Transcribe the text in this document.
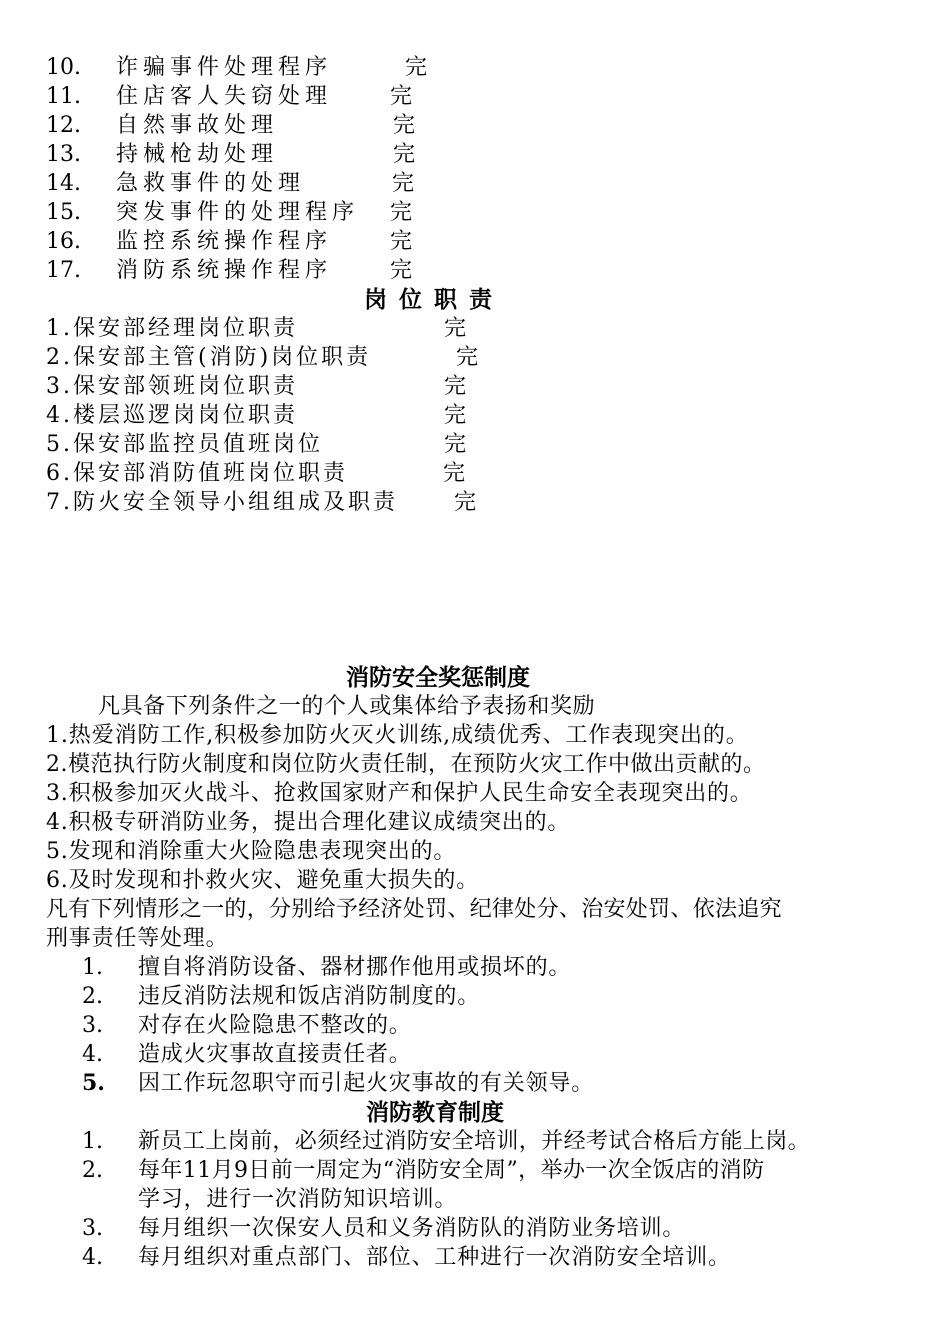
10. 诈骗事件处理程序	完
11. 住店客人失窃处理	完
12. 自然事故处理	完
13. 持械枪劫处理	完
14. 急救事件的处理	完
15. 突发事件的处理程序 完
16. 监控系统操作程序	完
17. 消防系统操作程序	完
岗 位 职 责
1.保安部经理岗位职责	完
2.保安部主管(消防)岗位职责	完
3.保安部领班岗位职责	完
4.楼层巡逻岗岗位职责	完
5.保安部监控员值班岗位	完
6.保安部消防值班岗位职责	完
7.防火安全领导小组组成及职责	完
消防安全奖惩制度
凡具备下列条件之一的个人或集体给予表扬和奖励
1.热爱消防工作,积极参加防火灭火训练,成绩优秀、工作表现突出的。
2.模范执行防火制度和岗位防火责任制，在预防火灾工作中做出贡献的。
3.积极参加灭火战斗、抢救国家财产和保护人民生命安全表现突出的。
4.积极专研消防业务，提出合理化建议成绩突出的。
5.发现和消除重大火险隐患表现突出的。
6.及时发现和扑救火灾、避免重大损失的。
凡有下列情形之一的，分别给予经济处罚、纪律处分、治安处罚、依法追究
刑事责任等处理。
1. 擅自将消防设备、器材挪作他用或损坏的。
2. 违反消防法规和饭店消防制度的。
3. 对存在火险隐患不整改的。
4. 造成火灾事故直接责任者。
5. 因工作玩忽职守而引起火灾事故的有关领导。
消防教育制度
1. 新员工上岗前，必须经过消防安全培训，并经考试合格后方能上岗。
2. 每年11月9日前一周定为“消防安全周”，举办一次全饭店的消防
学习，进行一次消防知识培训。
3. 每月组织一次保安人员和义务消防队的消防业务培训。
4. 每月组织对重点部门、部位、工种进行一次消防安全培训。
